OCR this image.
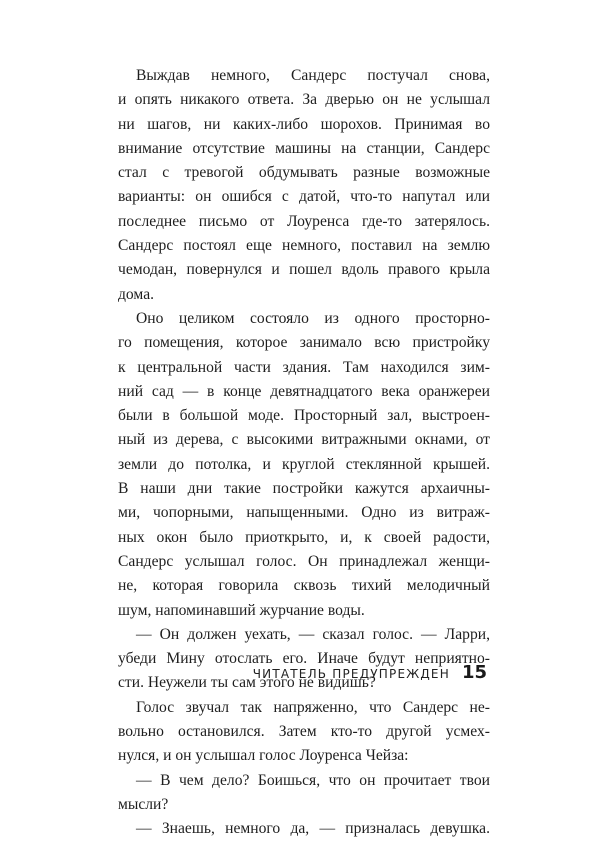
Выждав немного, Сандерс постучал снова,
и опять никакого ответа. За дверью он не услышал
ни шагов, ни каких-либо шорохов. Принимая во
внимание отсутствие машины на станции, Сандерс
стал с тревогой обдумывать разные возможные
варианты: он ошибся с датой, что-то напутал или
последнее письмо от Лоуренса где-то затерялось.
Сандерс постоял еще немного, поставил на землю
чемодан, повернулся и пошел вдоль правого крыла
дома.
Оно целиком состояло из одного просторно-
го помещения, которое занимало всю пристройку
к центральной части здания. Там находился зим-
ний сад — в конце девятнадцатого века оранжереи
были в большой моде. Просторный зал, выстроен-
ный из дерева, с высокими витражными окнами, от
земли до потолка, и круглой стеклянной крышей.
В наши дни такие постройки кажутся архаичны-
ми, чопорными, напыщенными. Одно из витраж-
ных окон было приоткрыто, и, к своей радости,
Сандерс услышал голос. Он принадлежал женщи-
не, которая говорила сквозь тихий мелодичный
шум, напоминавший журчание воды.
— Он должен уехать, — сказал голос. — Ларри,
убеди Мину отослать его. Иначе будут неприятно-
сти. Неужели ты сам этого не видишь?
Голос звучал так напряженно, что Сандерс не-
вольно остановился. Затем кто-то другой усмех-
нулся, и он услышал голос Лоуренса Чейза:
— В чем дело? Боишься, что он прочитает твои
мысли?
— Знаешь, немного да, — призналась девушка.
ЧИТАТЕЛЬ ПРЕДУПРЕЖДЕН 15
